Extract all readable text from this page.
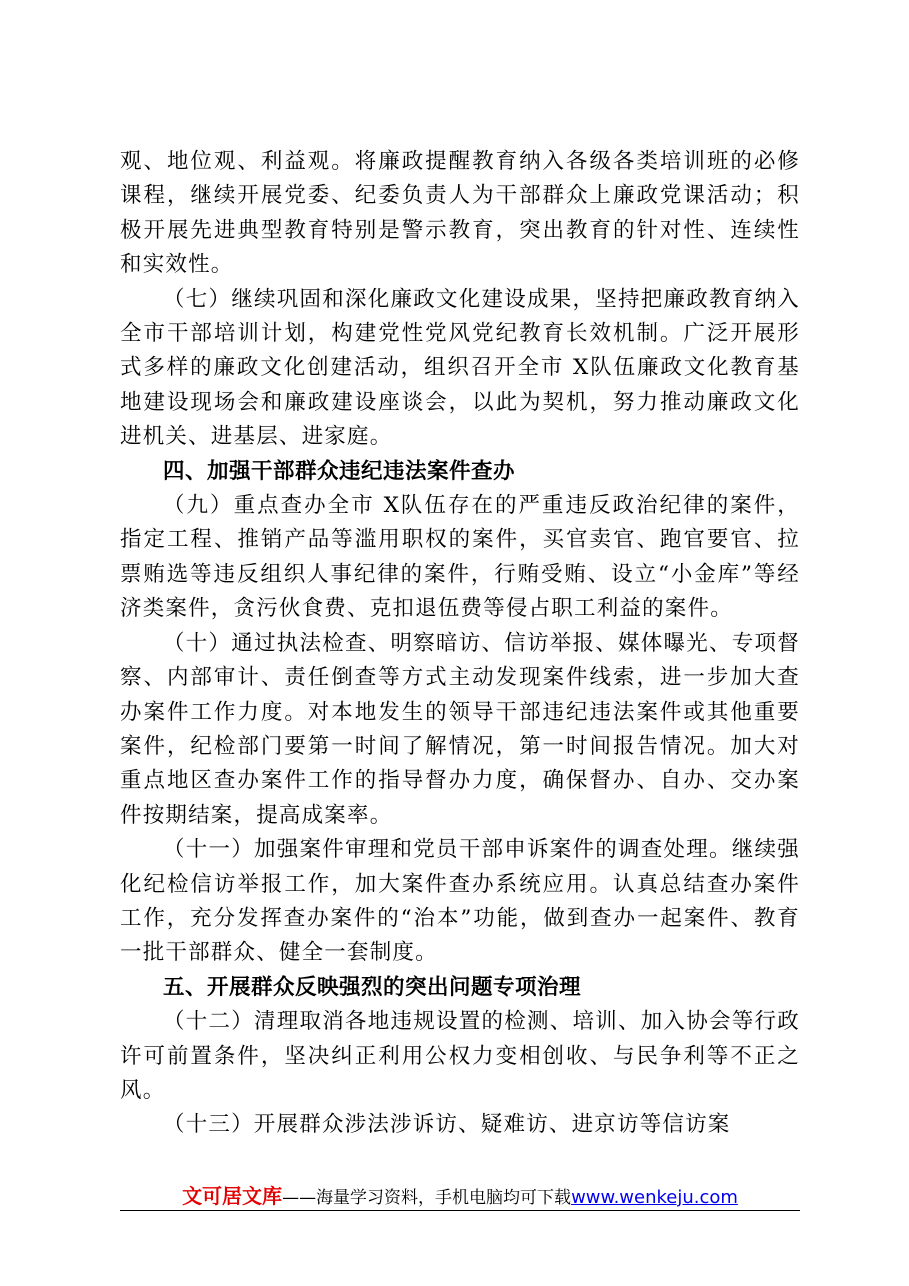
观、地位观、利益观。将廉政提醒教育纳入各级各类培训班的必修课程，继续开展党委、纪委负责人为干部群众上廉政党课活动；积极开展先进典型教育特别是警示教育，突出教育的针对性、连续性和实效性。

（七）继续巩固和深化廉政文化建设成果，坚持把廉政教育纳入全市干部培训计划，构建党性党风党纪教育长效机制。广泛开展形式多样的廉政文化创建活动，组织召开全市 X队伍廉政文化教育基地建设现场会和廉政建设座谈会，以此为契机，努力推动廉政文化进机关、进基层、进家庭。

四、加强干部群众违纪违法案件查办

（九）重点查办全市 X队伍存在的严重违反政治纪律的案件，指定工程、推销产品等滥用职权的案件，买官卖官、跑官要官、拉票贿选等违反组织人事纪律的案件，行贿受贿、设立“小金库”等经济类案件，贪污伙食费、克扣退伍费等侵占职工利益的案件。

（十）通过执法检查、明察暗访、信访举报、媒体曝光、专项督察、内部审计、责任倒查等方式主动发现案件线索，进一步加大查办案件工作力度。对本地发生的领导干部违纪违法案件或其他重要案件，纪检部门要第一时间了解情况，第一时间报告情况。加大对重点地区查办案件工作的指导督办力度，确保督办、自办、交办案件按期结案，提高成案率。

（十一）加强案件审理和党员干部申诉案件的调查处理。继续强化纪检信访举报工作，加大案件查办系统应用。认真总结查办案件工作，充分发挥查办案件的“治本”功能，做到查办一起案件、教育一批干部群众、健全一套制度。

五、开展群众反映强烈的突出问题专项治理

（十二）清理取消各地违规设置的检测、培训、加入协会等行政许可前置条件，坚决纠正利用公权力变相创收、与民争利等不正之风。

（十三）开展群众涉法涉诉访、疑难访、进京访等信访案

文可居文库——海量学习资料，手机电脑均可下载www.wenkeju.com
